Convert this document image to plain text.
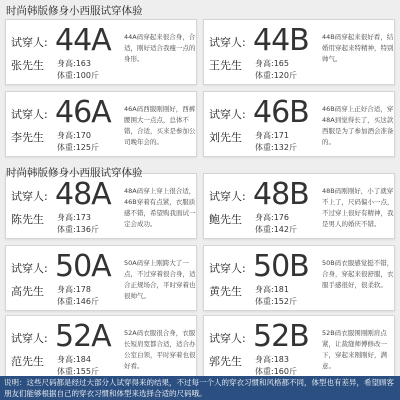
时尚韩版修身小西服试穿体验
试穿人:
张先生
44A
身高:163
体重:100斤
44A码穿起来很合身，合适，刚好适合我瘦一点的身形。
试穿人:
王先生
44B
身高:165
体重:120斤
44B码穿起来很好看，结婚用穿起来特精神，特别帅气。
试穿人:
李先生
46A
身高:170
体重:125斤
46A码西服刚刚好，西裤腰围大一点点，总体不错，合适，买来是参加公司晚年会的。
试穿人:
刘先生
46B
身高:171
体重:132斤
46B码穿上正好合适，穿48A到觉得长了，买这款西服是为了参加酒会准备的。
试穿人:
陈先生
48A
身高:173
体重:136斤
48A码穿上穿上很合适，46B穿着有点紧，衣服质感不错，希望购我面试一定会成功。
试穿人:
鲍先生
48B
身高:176
体重:142斤
48B码刚刚好，小了就穿不上了，尺码偏小一点，不过穿上很好有精神，我是男人的婚庆不错。
试穿人:
高先生
50A
身高:178
体重:146斤
50A码穿上刚跨大了一点，不过穿着很合身，适合正规场合，平时穿着也很帅气。
试穿人:
黄先生
50B
身高:181
体重:152斤
50B码衣服感觉挺不错，合身，穿起来很舒服，衣服手感很好，很柔软。
试穿人:
范先生
52A
身高:184
体重:155斤
52A码衣服很合身，衣服长短肩宽都合适，适合办公室白领，平时穿着也很好看。
试穿人:
郭先生
52B
身高:183
体重:160斤
52B码衣服围刚刚肩点紧，让裁缝师傅修改一下，穿起来刚刚好，满意。
时尚韩版修身小西服试穿体验
说明：这些尺码都是经过大部分人试穿得来的结果，不过每一个人的穿衣习惯和风格都不同，体型也有差异，希望顾客朋友们能够根据自己的穿衣习惯和体型来选择合适的尺码哦。
